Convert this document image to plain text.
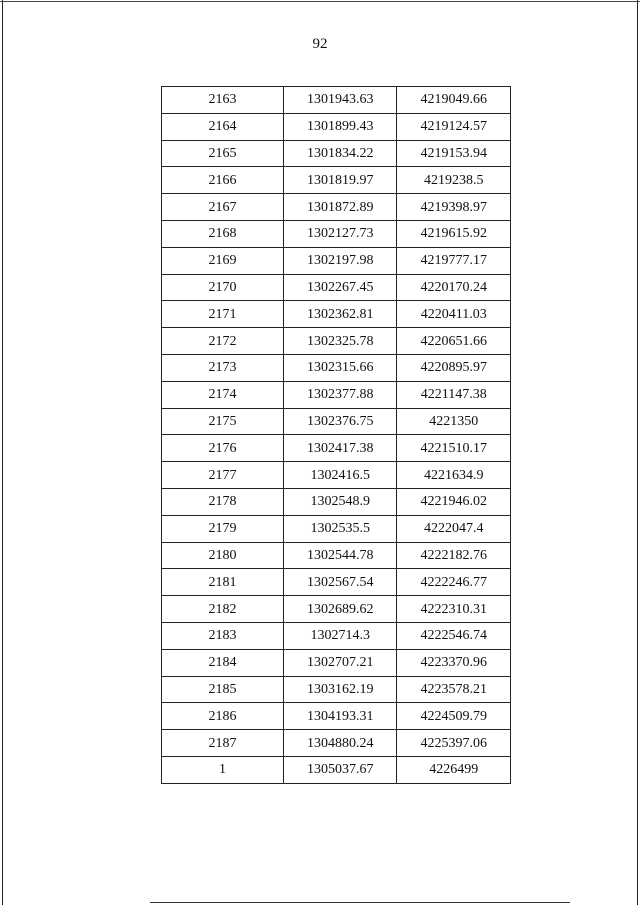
92
2163	1301943.63	4219049.66
2164	1301899.43	4219124.57
2165	1301834.22	4219153.94
2166	1301819.97	4219238.5
2167	1301872.89	4219398.97
2168	1302127.73	4219615.92
2169	1302197.98	4219777.17
2170	1302267.45	4220170.24
2171	1302362.81	4220411.03
2172	1302325.78	4220651.66
2173	1302315.66	4220895.97
2174	1302377.88	4221147.38
2175	1302376.75	4221350
2176	1302417.38	4221510.17
2177	1302416.5	4221634.9
2178	1302548.9	4221946.02
2179	1302535.5	4222047.4
2180	1302544.78	4222182.76
2181	1302567.54	4222246.77
2182	1302689.62	4222310.31
2183	1302714.3	4222546.74
2184	1302707.21	4223370.96
2185	1303162.19	4223578.21
2186	1304193.31	4224509.79
2187	1304880.24	4225397.06
1	1305037.67	4226499
